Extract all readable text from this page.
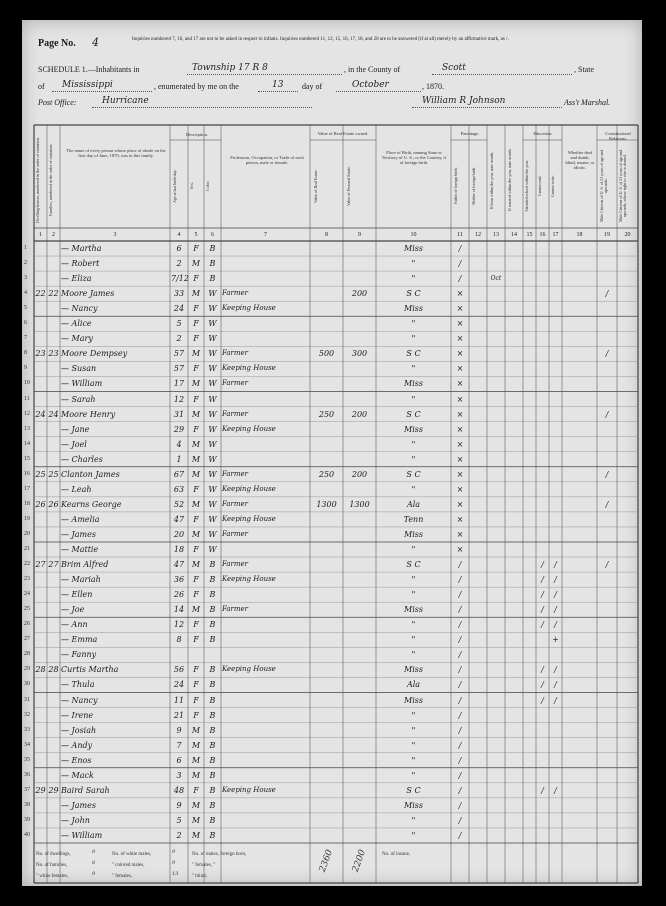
Page No. 4	Inquiries numbered 7, 16, and 17 are not to be asked in respect to infants. Inquiries numbered 11, 12, 15, 16, 17, 18, and 20 are to be answered (if at all) merely by an affirmative mark, as /.
SCHEDULE 1.—Inhabitants in	Township 17 R 8	, in the County of	Scott	, State
of Mississippi	, enumerated by me on the	13 day of	October	, 1870.
Post Office:	Hurricane	William R Johnson	Ass't Marshal.
Dwelling-houses, numbered in the order of visitation.	Families, numbered in the order of visitation.	The name of every person whose place of abode on the first day of June, 1870, was in this family.
Description.
Age at last birth-day.	Sex.	Color.
Profession, Occupation, or Trade of each person, male or female.
Value of Real Estate owned.
Value of Real Estate.	Value of Personal Estate.
Place of Birth, naming State or Territory of U. S.; or the Country, if of foreign birth.
Parentage.
Father of foreign birth.	Mother of foreign birth.	If born within the year, state month.	If married within the year, state month.
Education.
Attended school within the year.	Cannot read.	Cannot write.
Whether deaf and dumb, blind, insane, or idiotic.
Constitutional Relations.
Male Citizens of U. S. of 21 years of age and upwards.	Male Citizens of U. S. of 21 years of age and upwards, whose right to vote is denied.
1	2	3	4	5	6	7	8	9	10	11	12	13	14	15	16	17	18	19	20
1	— Martha	6	F	B	Miss	/
2	— Robert	2	M	B	"	/
3	— Eliza	7/12 F	B	"	/	Oct
4 22 22 Moore James	33 M	W Farmer	200	S C	×	/
5	— Nancy	24	F	W Keeping House	Miss	×
6	— Alice	5	F	W	"	×
7	— Mary	2	F	W	"	×
8 23 23 Moore Dempsey	57 M	W Farmer	500	300	S C	×	/
9	— Susan	57	F	W Keeping House	"	×
10	— William	17 M	W Farmer	Miss	×
11	— Sarah	12	F	W	"	×
12 24 24 Moore Henry	31 M	W Farmer	250	200	S C	×	/
13	— Jane	29	F	W Keeping House	Miss	×
14	— Joel	4	M	W	"	×
15	— Charles	1	M	W	"	×
16 25 25 Clanton James	67 M	W Farmer	250	200	S C	×	/
17	— Leah	63	F	W Keeping House	"	×
18 26 26 Kearns George	52 M	W Farmer	1300	1300	Ala	×	/
19	— Amelia	47	F	W Keeping House	Tenn	×
20	— James	20 M	W Farmer	Miss	×
21	— Mattie	18	F	W	"	×
22 27 27 Brim Alfred	47 M	B Farmer	S C	/	/	/	/
23	— Mariah	36	F	B Keeping House	"	/	/	/
24	— Ellen	26	F	B	"	/	/	/
25	— Joe	14 M	B Farmer	Miss	/	/	/
26	— Ann	12	F	B	"	/	/	/
27	— Emma	8	F	B	"	/	+
28	— Fanny	"	/
29 28 28 Curtis Martha	56	F	B Keeping House	Miss	/	/	/
30	— Thula	24	F	B	Ala	/	/	/
31	— Nancy	11	F	B	Miss	/	/	/
32	— Irene	21	F	B	"	/
33	— Josiah	9	M	B	"	/
34	— Andy	7	M	B	"	/
35	— Enos	6	M	B	"	/
36	— Mack	3	M	B	"	/
37 29 29 Baird Sarah	48	F	B Keeping House	S C	/	/	/
38	— James	9	M	B	Miss	/
39	— John	5	M	B	"	/
40	— William	2	M	B	"	/
No. of dwellings,	8	No. of white males,	9	No. of males, foreign born,
No. of families,	8	" colored males,	9	" females, "
" white females,	9	" females,	13	" blind,
2360 2200	No. of insane,
